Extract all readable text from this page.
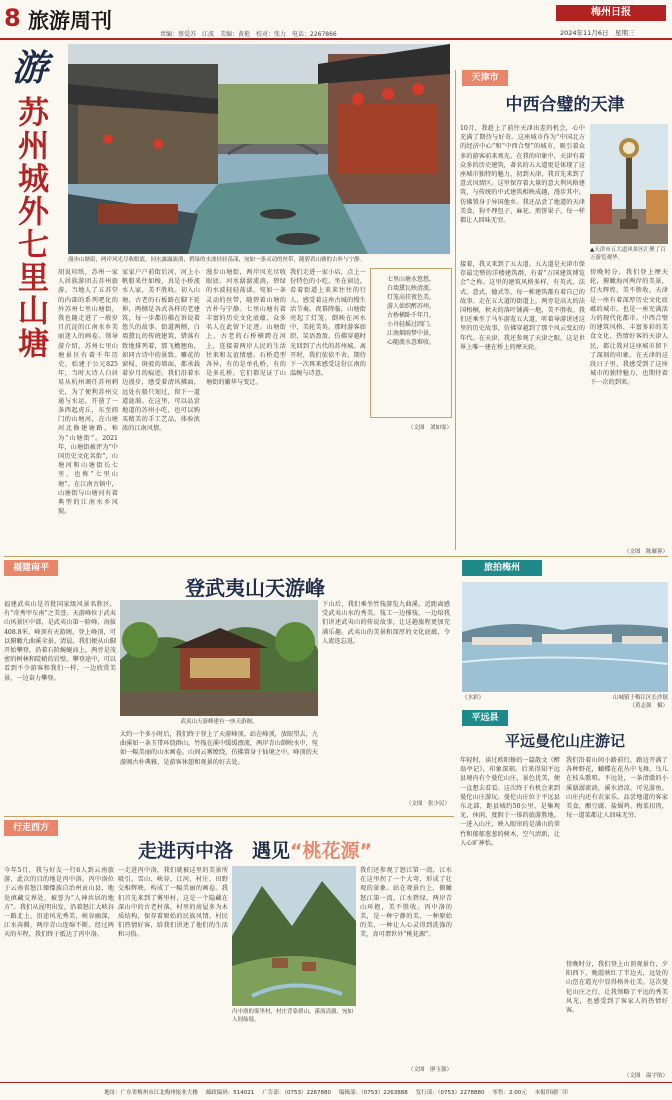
8 旅游周刊
责编：蔡爱苏　江波　美编：黄艳　校对：张力　电话：2267866
梅州日报
2024年11月6日　星期三
游
苏州城外七里山塘	漫步山塘街，两岸风光尽收眼底。同水露露流淌，碧绿的水波轻轻荡漾，宛如一条灵动的丝带，随碧着山塘的古朴与宁静。
胡说印纸，苏州一家人居族游团去苏州旅游。当地人了五苏堂的内部的系列吧化的外苏州七里山塘街，我也随走进了一般岁月沉淀的江南水乡美丽迷人的画卷。领导游介绍，苏州七里山塘景区有着千年历史，始建于公元825年，当时大诗人白居易从杭州调任苏州刺史，为了便利苏州交通与水运，开凿了一条西起虎丘，东至阊门的山塘河，在山塘河北修建塘路，称为“山塘街”。2021年，山塘街被评为“中国历史文化名街”，山塘河和山塘街长七里，也称“七里山塘”。在江南古镇中，山塘街与山塘河有着典型的江南水乡风貌。
家家户户前街后河，河上小帆船来往如梭，真是小桥流水人家，美不胜收。初入山塘，古老的石板路在脚下延伸，两侧是各式各样的老建筑，每一步都仿佛在诉说着悠久的故事。街道两侧，白墙黛瓦的传统建筑，错落有致地排列着，那飞檐翘角，如同古诗中的景致。雕花的窗棂、斑驳的墙面，都承载着岁月的痕迹。我们沿着水边漫步，感受着清风拂面，远处有船只划过，留下一道道涟漪。在这里，可以品尝地道的苏州小吃，也可以购买精美的手工艺品，体验浓浓的江南风情。
漫步山塘街，两岸风光尽收眼底。河水潺潺流淌，碧绿的水波轻轻荡漾，宛如一条灵动的丝带，随碧着山塘的古朴与宁静。七里山塘有着丰富的历史文化底蕴，众多名人在此留下足迹。山塘街上，古老的石桥横跨在河上，连接着两岸人民的生活往来和友谊情感。石桥造型各异，有的是单孔桥，有的是多孔桥，它们都见证了山塘街的繁华与变迁。
我们走进一家小店，点上一份特色的小吃，坐在窗边，看着街道上来来往往的行人，感受着这座古城的慢生活节奏。夜幕降临，山塘街亮起了灯笼，倒映在河水中，美轮美奂。那时游客如织，笑语盈盈，仿佛穿越时光回到了古代的苏州城。离开时，我们依依不舍，期待下一次再来感受这份江南的温婉与诗意。
七里山塘水悠悠，
白墙黛瓦映清流。
灯笼高挂夜色美，
游人如织醉苏州。
古桥横卧千年月，
小舟轻摇过阊门。
江南烟雨梦中景，
心随流水意难收。
（文图　刘如霏）
天津市
中西合璧的天津
10月，我趁上了前往天津出差的机会，心中充满了期待与好奇。这座城市作为“中国北方的经济中心”和“中西合璧”的城市，吸引着众多的游客前来观光。在我的印象中，天津有着众多的历史建筑，著名的五大道更是体现了这座城市独特的魅力。初到天津，我首先来到了意式风情区。这里保存着大量的意大利风格建筑，与传统的中式建筑相映成趣，漫步其中，仿佛置身于异国他乡。我还品尝了地道的天津美食，狗不理包子、麻花、煎饼果子，每一样都让人回味无穷。
▲天津市五大道风景区汇聚了百万游览观华。
接着，我又来到了五大道。五大道是天津市保存最完整的洋楼建筑群，有着“万国建筑博览会”之称。这里的建筑风格多样，有英式、法式、意式、德式等，每一栋建筑都有着自己的故事。走在五大道的街道上，两旁是高大的法国梧桐，秋天的落叶铺满一地，美不胜收。我们还乘坐了马车游览五大道，听着导游讲述这里的历史故事，仿佛穿越到了那个风云变幻的年代。在天津，我还参观了天津之眼，这是世界上唯一建在桥上的摩天轮。
傍晚时分，我们登上摩天轮，俯瞰海河两岸的美景，灯火辉煌，美不胜收。天津是一座有着深厚历史文化底蕴的城市，也是一座充满活力的现代化都市。中西合璧的建筑风格、丰富多彩的美食文化、热情好客的天津人民，都让我对这座城市留下了深刻的印象。在天津的这段日子里，我感受到了这座城市的独特魅力，也期待着下一次的到来。
（文图　陈雁蓉）
福建南平
登武夷山天游峰
福建武夷山是首批国家级风景名胜区，有“奇秀甲东南”之美誉。天游峰位于武夷山风景区中部，是武夷山第一险峰，海拔408.8米，峰顶有天游阁，登上峰顶，可以俯瞰九曲溪全景。清晨，我们便从山脚开始攀登，沿着石阶蜿蜒而上，两旁是茂密的树林和陡峭的岩壁。攀登途中，可以看到不少游客和我们一样，一边欣赏美景，一边奋力攀登。
武夷山天游峰建有一座天游阁。
大约一个多小时后，我们终于登上了天游峰顶。站在峰顶，放眼望去，九曲溪如一条玉带环绕群山，竹筏在溪中缓缓漂流，两岸青山倒映水中，宛如一幅美丽的山水画卷。山间云雾缭绕，仿佛置身于仙境之中。峰顶的天游阁古朴典雅，是游客休憩和观景的好去处。
下山后，我们乘坐竹筏游览九曲溪，近距离感受武夷山水的秀美。筏工一边撑筏，一边给我们讲述武夷山的传说故事，让这趟旅程更加充满乐趣。武夷山的美景和深厚的文化底蕴，令人流连忘返。
（文图　张少民）
旅拍梅州
《水彩》	山城镇于梅江区长沙镇
（黄志强　摄）
平远县
平远曼佗山庄游记
年轻时，读过欧阳修的一篇散文《醉翁亭记》，印象深刻。后来得知平远县境内有个曼佗山庄，景色优美，便一直想去看看。这次终于有机会来到曼佗山庄游玩。曼佗山庄位于平远县东北部，距县城约50公里，是集观光、休闲、度假于一体的旅游胜地。一进入山庄，映入眼帘的是满山的翠竹和郁郁葱葱的树木，空气清新，让人心旷神怡。
我们沿着山间小路前行，路边开满了各种野花，蝴蝶在花丛中飞舞，鸟儿在枝头歌唱。不远处，一条清澈的小溪潺潺流淌，溪水清凉，可见游鱼。山庄内还有农家乐，品尝地道的客家美食，酿豆腐、盐焗鸡、梅菜扣肉，每一道菜都让人回味无穷。
傍晚时分，我们登上山顶观景台，夕阳西下，晚霞映红了半边天，远处的山峦在霞光中显得格外壮美。这次曼佗山庄之行，让我领略了平远的秀美风光，也感受到了客家人的热情好客。
（文图　温宇航）
行走西方
走进丙中洛　遇见“桃花源”
今年5月，我与好友一行6人到云南旅游，此次的目的地是丙中洛。丙中洛位于云南省怒江傈僳族自治州贡山县，地处滇藏交界处，被誉为“人神共居的地方”。我们从昆明出发，沿着怒江大峡谷一路北上，沿途风光秀美，峡谷幽深，江水奔腾，两岸青山连绵不断。经过两天的车程，我们终于抵达了丙中洛。
一走进丙中洛，我们就被这里的美景所吸引。雪山、峡谷、江河、村庄、田野交相辉映，构成了一幅美丽的画卷。我们首先来到了雾里村，这是一个隐藏在深山中的古老村落，村里的房屋多为木质结构，保存着原始的民族风情。村民们热情好客，给我们讲述了他们的生活和习俗。
丙中洛的雾里村，村庄背靠群山，溪流清澈，宛如人间仙境。
我们还参观了怒江第一湾，江水在这里拐了一个大弯，形成了壮观的景象。站在观景台上，俯瞰怒江第一湾，江水碧绿，两岸青山环抱，美不胜收。丙中洛的美，是一种宁静的美，一种原始的美，一种让人心灵得到洗涤的美，真可谓世外“桃花源”。
（文图　廖玉强）
地址：广东省梅州市江北梅州报业大楼 邮政编码：514021 广告部：（0753）2267880 编辑部：（0753）2263888 发行部：（0753）2278880 零售：2.00元 本报印刷厂印
